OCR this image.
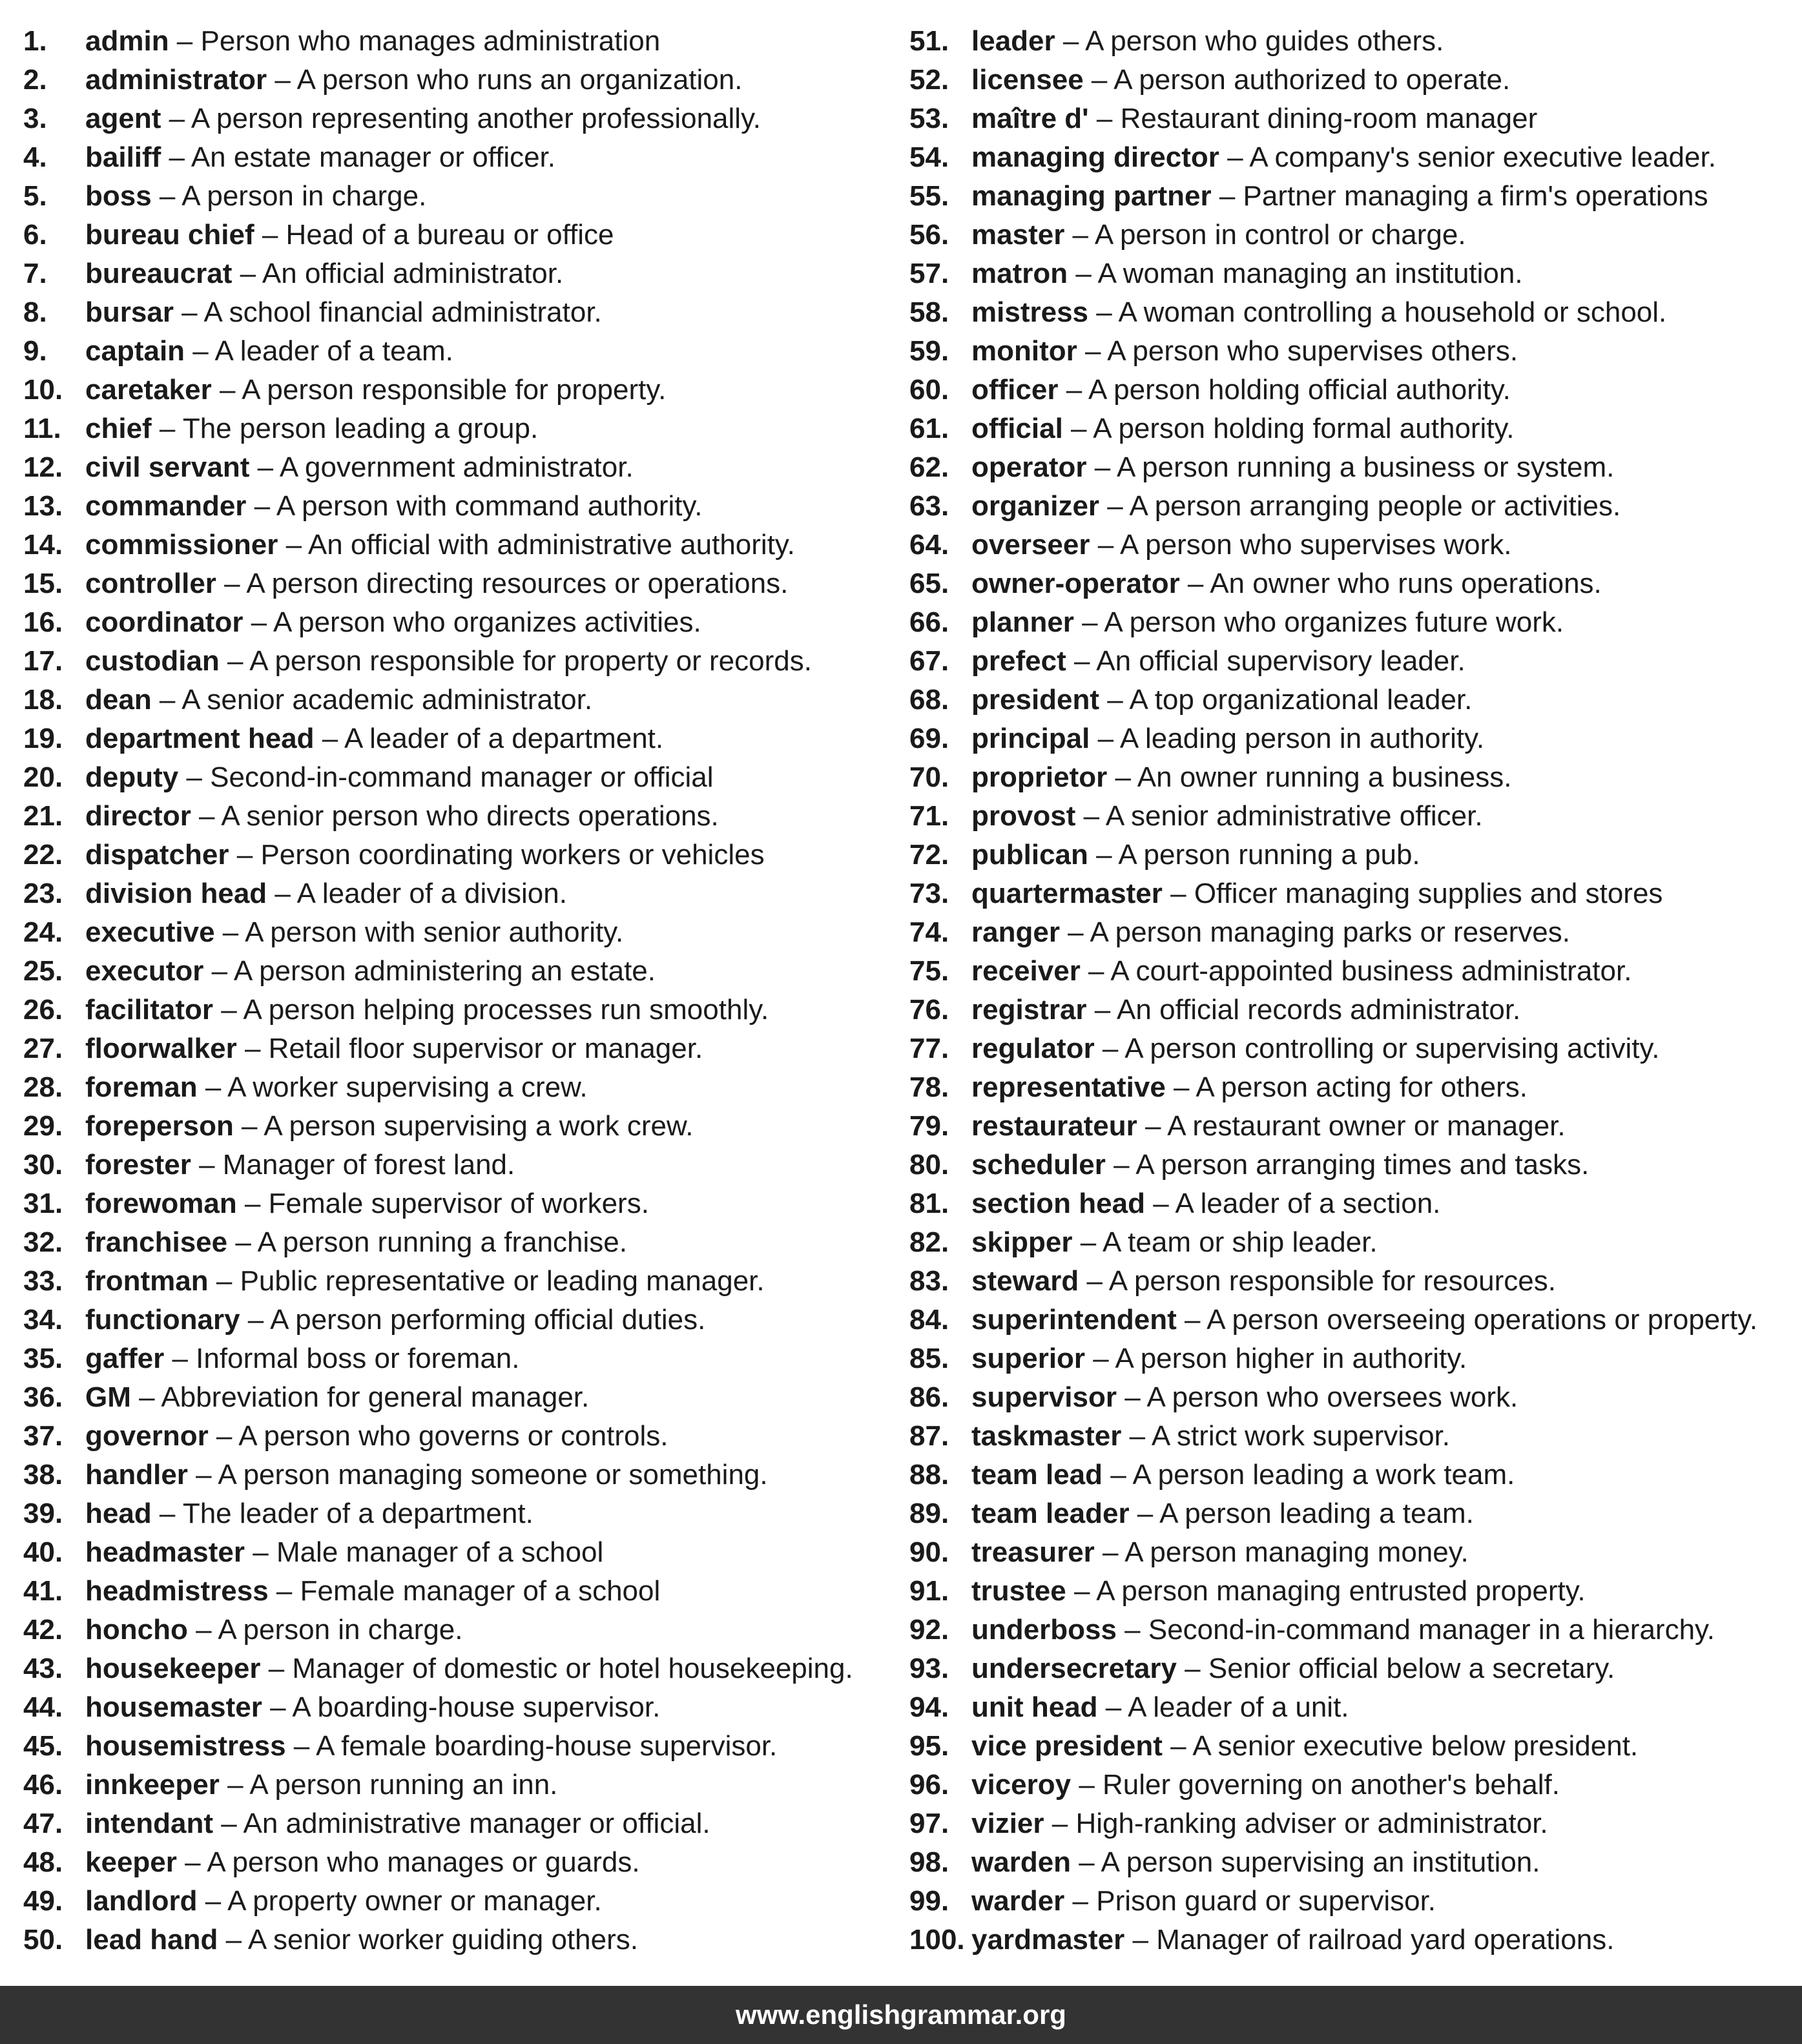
1. admin – Person who manages administration
2. administrator – A person who runs an organization.
3. agent – A person representing another professionally.
4. bailiff – An estate manager or officer.
5. boss – A person in charge.
6. bureau chief – Head of a bureau or office
7. bureaucrat – An official administrator.
8. bursar – A school financial administrator.
9. captain – A leader of a team.
10. caretaker – A person responsible for property.
11. chief – The person leading a group.
12. civil servant – A government administrator.
13. commander – A person with command authority.
14. commissioner – An official with administrative authority.
15. controller – A person directing resources or operations.
16. coordinator – A person who organizes activities.
17. custodian – A person responsible for property or records.
18. dean – A senior academic administrator.
19. department head – A leader of a department.
20. deputy – Second-in-command manager or official
21. director – A senior person who directs operations.
22. dispatcher – Person coordinating workers or vehicles
23. division head – A leader of a division.
24. executive – A person with senior authority.
25. executor – A person administering an estate.
26. facilitator – A person helping processes run smoothly.
27. floorwalker – Retail floor supervisor or manager.
28. foreman – A worker supervising a crew.
29. foreperson – A person supervising a work crew.
30. forester – Manager of forest land.
31. forewoman – Female supervisor of workers.
32. franchisee – A person running a franchise.
33. frontman – Public representative or leading manager.
34. functionary – A person performing official duties.
35. gaffer – Informal boss or foreman.
36. GM – Abbreviation for general manager.
37. governor – A person who governs or controls.
38. handler – A person managing someone or something.
39. head – The leader of a department.
40. headmaster – Male manager of a school
41. headmistress – Female manager of a school
42. honcho – A person in charge.
43. housekeeper – Manager of domestic or hotel housekeeping.
44. housemaster – A boarding-house supervisor.
45. housemistress – A female boarding-house supervisor.
46. innkeeper – A person running an inn.
47. intendant – An administrative manager or official.
48. keeper – A person who manages or guards.
49. landlord – A property owner or manager.
50. lead hand – A senior worker guiding others.
51. leader – A person who guides others.
52. licensee – A person authorized to operate.
53. maître d' – Restaurant dining-room manager
54. managing director – A company's senior executive leader.
55. managing partner – Partner managing a firm's operations
56. master – A person in control or charge.
57. matron – A woman managing an institution.
58. mistress – A woman controlling a household or school.
59. monitor – A person who supervises others.
60. officer – A person holding official authority.
61. official – A person holding formal authority.
62. operator – A person running a business or system.
63. organizer – A person arranging people or activities.
64. overseer – A person who supervises work.
65. owner-operator – An owner who runs operations.
66. planner – A person who organizes future work.
67. prefect – An official supervisory leader.
68. president – A top organizational leader.
69. principal – A leading person in authority.
70. proprietor – An owner running a business.
71. provost – A senior administrative officer.
72. publican – A person running a pub.
73. quartermaster – Officer managing supplies and stores
74. ranger – A person managing parks or reserves.
75. receiver – A court-appointed business administrator.
76. registrar – An official records administrator.
77. regulator – A person controlling or supervising activity.
78. representative – A person acting for others.
79. restaurateur – A restaurant owner or manager.
80. scheduler – A person arranging times and tasks.
81. section head – A leader of a section.
82. skipper – A team or ship leader.
83. steward – A person responsible for resources.
84. superintendent – A person overseeing operations or property.
85. superior – A person higher in authority.
86. supervisor – A person who oversees work.
87. taskmaster – A strict work supervisor.
88. team lead – A person leading a work team.
89. team leader – A person leading a team.
90. treasurer – A person managing money.
91. trustee – A person managing entrusted property.
92. underboss – Second-in-command manager in a hierarchy.
93. undersecretary – Senior official below a secretary.
94. unit head – A leader of a unit.
95. vice president – A senior executive below president.
96. viceroy – Ruler governing on another's behalf.
97. vizier – High-ranking adviser or administrator.
98. warden – A person supervising an institution.
99. warder – Prison guard or supervisor.
100. yardmaster – Manager of railroad yard operations.
www.englishgrammar.org
